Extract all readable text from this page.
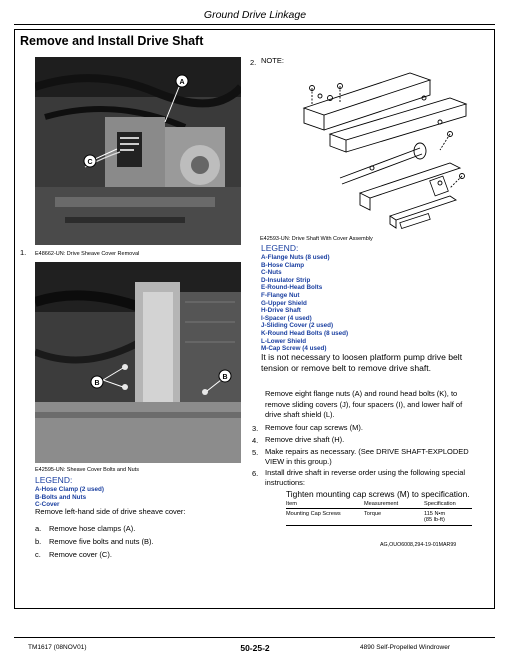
Ground Drive Linkage
Remove and Install Drive Shaft
A
C
1. E48662-UN: Drive Sheave Cover Removal
B
B
E42595-UN: Sheave Cover Bolts and Nuts
LEGEND:
A-Hose Clamp (2 used)
B-Bolts and Nuts
C-Cover
Remove left-hand side of drive sheave cover:
a. Remove hose clamps (A).
b. Remove five bolts and nuts (B).
c. Remove cover (C).
2. NOTE:
E42593-UN: Drive Shaft With Cover Assembly
LEGEND:
A-Flange Nuts (8 used)
B-Hose Clamp
C-Nuts
D-Insulator Strip
E-Round-Head Bolts
F-Flange Nut
G-Upper Shield
H-Drive Shaft
I-Spacer (4 used)
J-Sliding Cover (2 used)
K-Round Head Bolts (8 used)
L-Lower Shield
M-Cap Screw (4 used)
It is not necessary to loosen platform pump drive belt tension or remove belt to remove drive shaft.
Remove eight flange nuts (A) and round head bolts (K), to remove sliding covers (J), four spacers (I), and lower half of drive shaft shield (L).
3. Remove four cap screws (M).
4. Remove drive shaft (H).
5. Make repairs as necessary. (See DRIVE SHAFT-EXPLODED VIEW in this group.)
6. Install drive shaft in reverse order using the following special instructions:
Tighten mounting cap screws (M) to specification.
Item	Measurement	Specification
Mounting Cap Screws	Torque	115 N•m
(85 lb-ft)
AG,OUO6008,294-19-01MAR99
TM1617 (08NOV01)	50-25-2	4890 Self-Propelled Windrower
